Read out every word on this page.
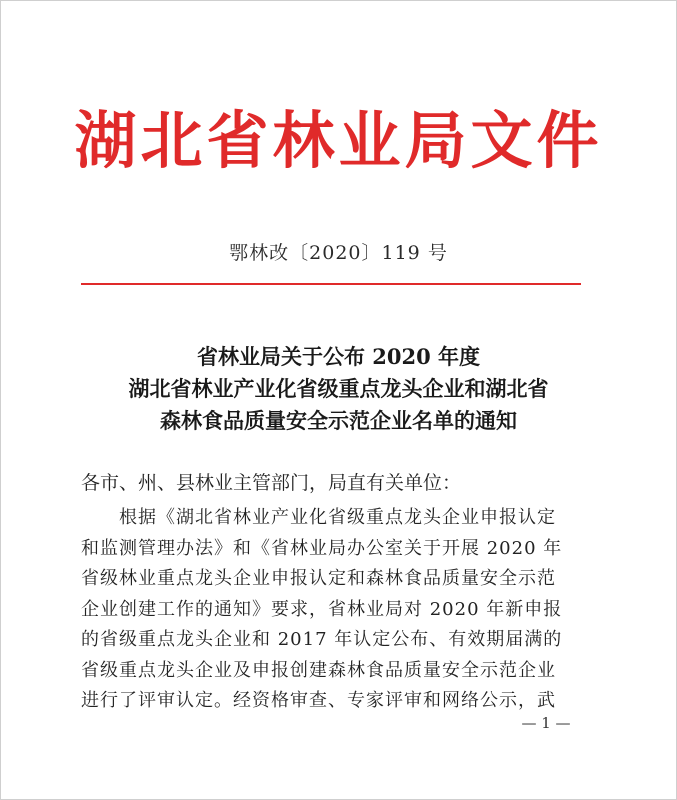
湖北省林业局文件
鄂林改〔2020〕119 号
省林业局关于公布 2020 年度
湖北省林业产业化省级重点龙头企业和湖北省
森林食品质量安全示范企业名单的通知
各市、州、县林业主管部门，局直有关单位：
根据《湖北省林业产业化省级重点龙头企业申报认定
和监测管理办法》和《省林业局办公室关于开展 2020 年
省级林业重点龙头企业申报认定和森林食品质量安全示范
企业创建工作的通知》要求，省林业局对 2020 年新申报
的省级重点龙头企业和 2017 年认定公布、有效期届满的
省级重点龙头企业及申报创建森林食品质量安全示范企业
进行了评审认定。经资格审查、专家评审和网络公示，武
— 1 —
